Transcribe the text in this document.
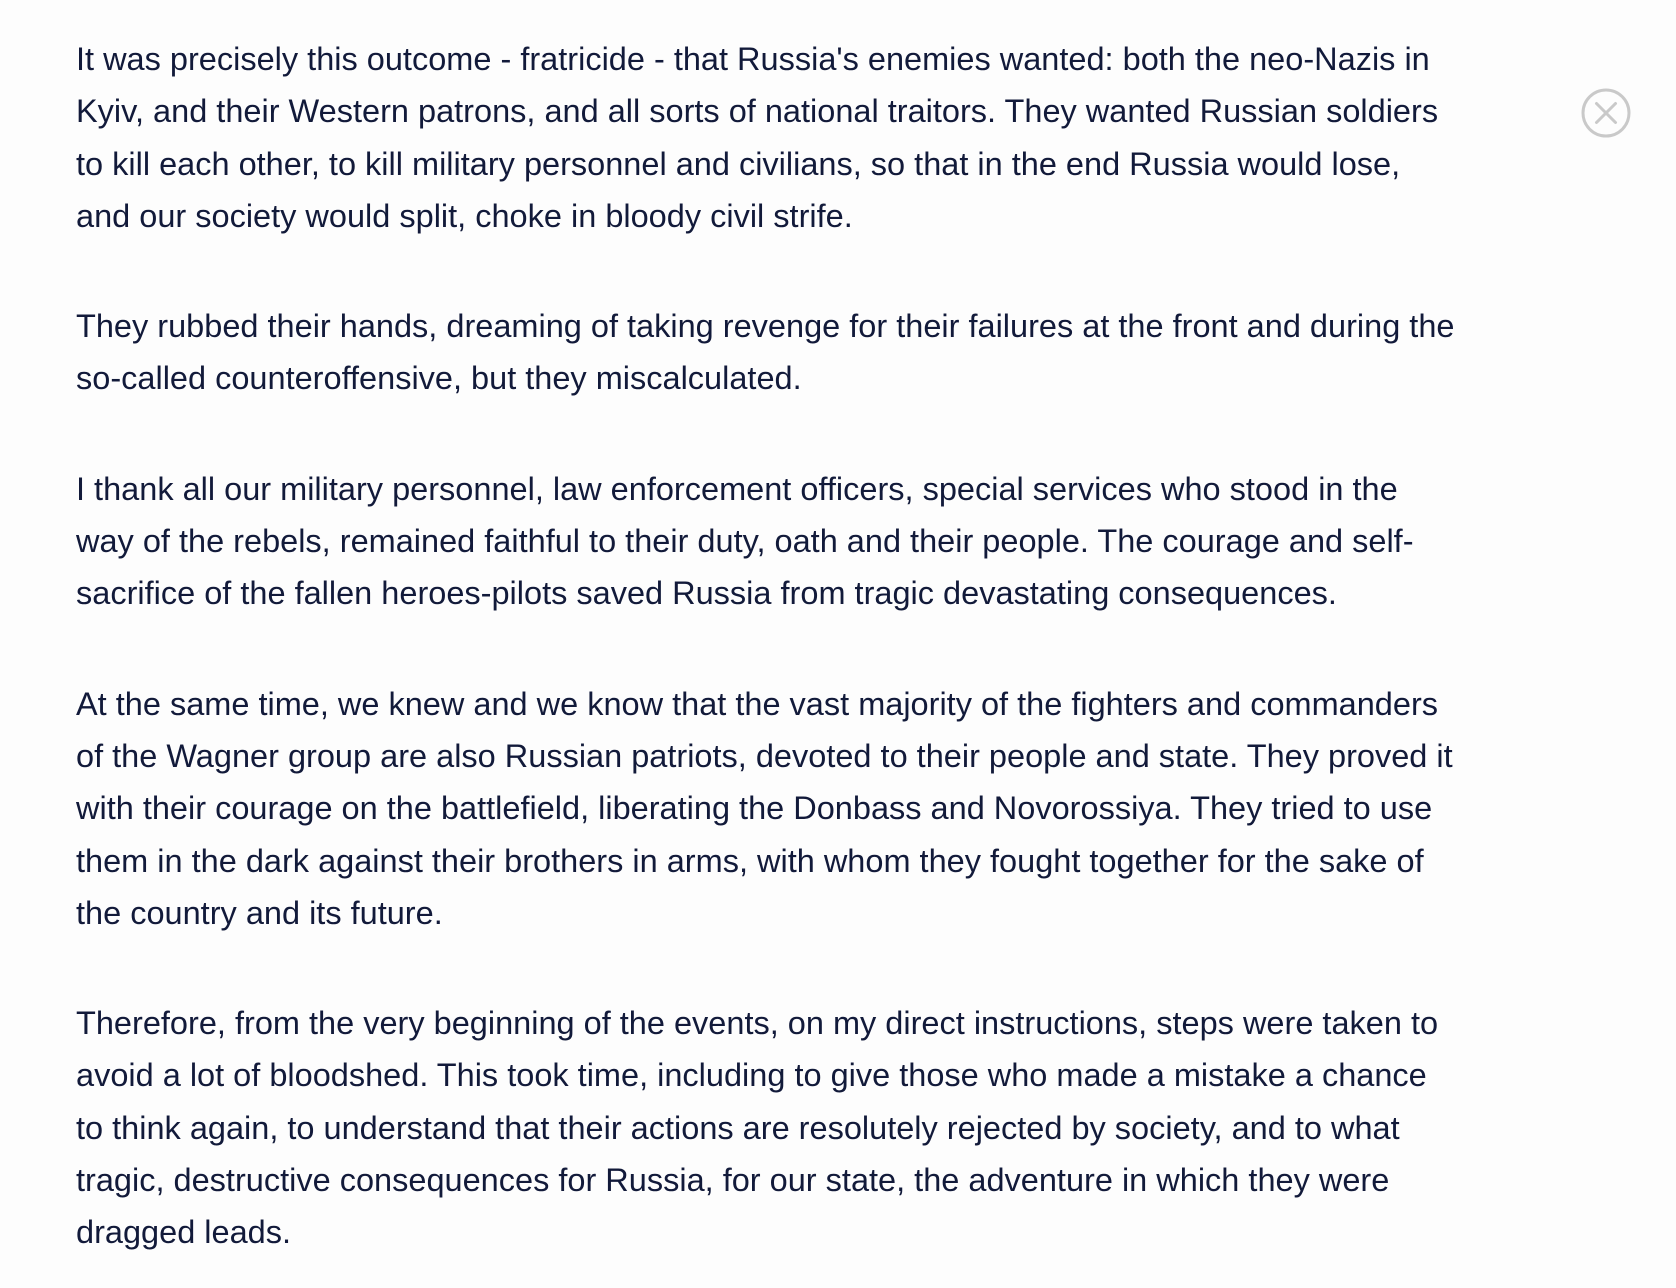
It was precisely this outcome - fratricide - that Russia's enemies wanted: both the neo-Nazis in Kyiv, and their Western patrons, and all sorts of national traitors. They wanted Russian soldiers to kill each other, to kill military personnel and civilians, so that in the end Russia would lose, and our society would split, choke in bloody civil strife.

They rubbed their hands, dreaming of taking revenge for their failures at the front and during the so-called counteroffensive, but they miscalculated.

I thank all our military personnel, law enforcement officers, special services who stood in the way of the rebels, remained faithful to their duty, oath and their people. The courage and self-sacrifice of the fallen heroes-pilots saved Russia from tragic devastating consequences.

At the same time, we knew and we know that the vast majority of the fighters and commanders of the Wagner group are also Russian patriots, devoted to their people and state. They proved it with their courage on the battlefield, liberating the Donbass and Novorossiya. They tried to use them in the dark against their brothers in arms, with whom they fought together for the sake of the country and its future.

Therefore, from the very beginning of the events, on my direct instructions, steps were taken to avoid a lot of bloodshed. This took time, including to give those who made a mistake a chance to think again, to understand that their actions are resolutely rejected by society, and to what tragic, destructive consequences for Russia, for our state, the adventure in which they were dragged leads.
